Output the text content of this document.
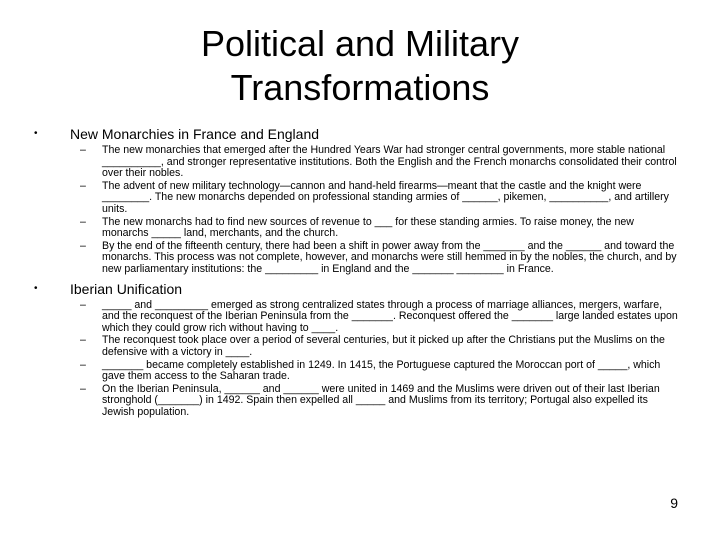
Political and Military
Transformations
• New Monarchies in France and England
– The new monarchies that emerged after the Hundred Years War had stronger central governments, more stable national __________, and stronger representative institutions. Both the English and the French monarchs consolidated their control over their nobles.
– The advent of new military technology—cannon and hand-held firearms—meant that the castle and the knight were ________. The new monarchs depended on professional standing armies of ______, pikemen, __________, and artillery units.
– The new monarchs had to find new sources of revenue to ___ for these standing armies. To raise money, the new monarchs _____ land, merchants, and the church.
– By the end of the fifteenth century, there had been a shift in power away from the _______ and the ______ and toward the monarchs. This process was not complete, however, and monarchs were still hemmed in by the nobles, the church, and by new parliamentary institutions: the _________ in England and the _______ ________ in France.
• Iberian Unification
– _____ and _________ emerged as strong centralized states through a process of marriage alliances, mergers, warfare, and the reconquest of the Iberian Peninsula from the _______. Reconquest offered the _______ large landed estates upon which they could grow rich without having to ____.
– The reconquest took place over a period of several centuries, but it picked up after the Christians put the Muslims on the defensive with a victory in ____.
– _______ became completely established in 1249. In 1415, the Portuguese captured the Moroccan port of _____, which gave them access to the Saharan trade.
– On the Iberian Peninsula, ______ and ______ were united in 1469 and the Muslims were driven out of their last Iberian stronghold (_______) in 1492. Spain then expelled all _____ and Muslims from its territory; Portugal also expelled its Jewish population.
9
